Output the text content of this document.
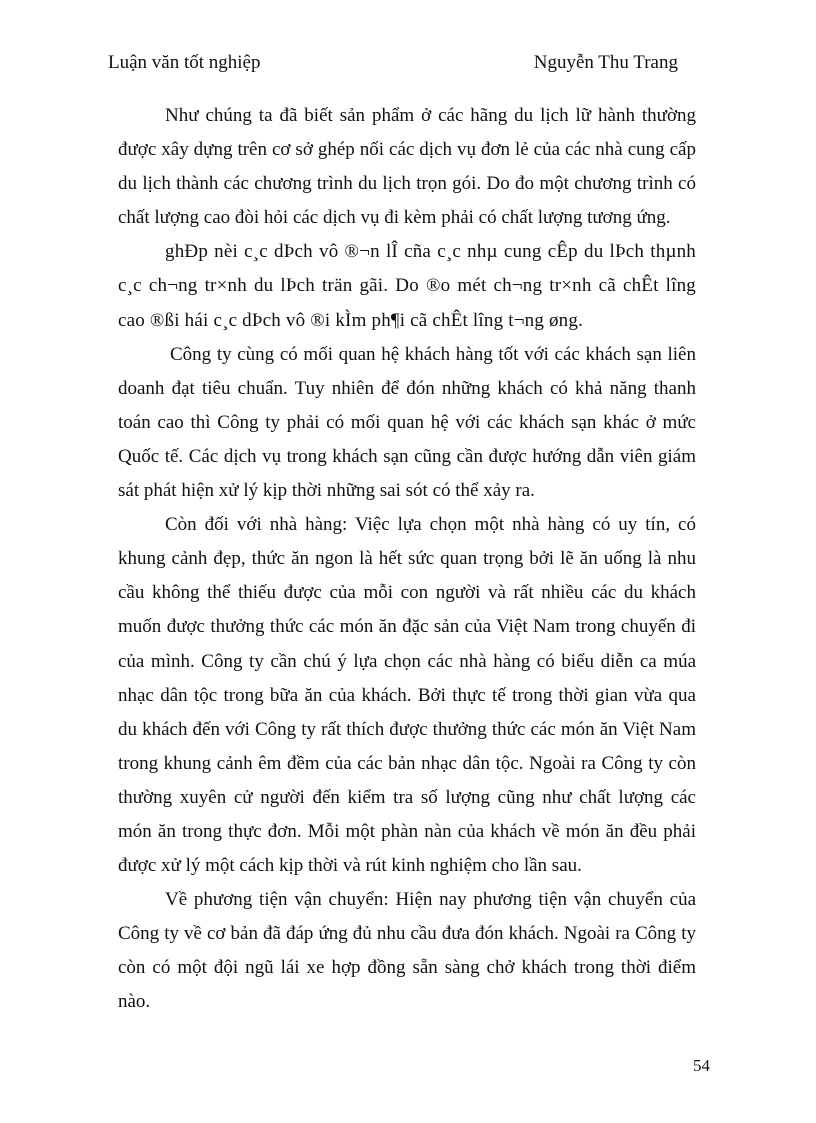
Luận văn tốt nghiệp	Nguyễn Thu Trang

Như chúng ta đã biết sản phẩm ở các hãng du lịch lữ hành thường được xây dựng trên cơ sở ghép nối các dịch vụ đơn lẻ của các nhà cung cấp du lịch thành các chương trình du lịch trọn gói. Do đo một chương trình có chất lượng cao đòi hỏi các dịch vụ đi kèm phải có chất lượng tương ứng.

ghÐp nèi c¸c dÞch vô ®¬n lÎ cña c¸c nhµ cung cÊp du lÞch thµnh c¸c ch¬ng tr×nh du lÞch trän gãi. Do ®o mét ch¬ng tr×nh cã chÊt lîng cao ®ßi hái c¸c dÞch vô ®i kÌm ph¶i cã chÊt lîng t¬ng øng.

Công ty cùng có mối quan hệ khách hàng tốt với các khách sạn liên doanh đạt tiêu chuẩn. Tuy nhiên để đón những khách có khả năng thanh toán cao thì Công ty phải có mối quan hệ với các khách sạn khác ở mức Quốc tế. Các dịch vụ trong khách sạn cũng cần được hướng dẫn viên giám sát phát hiện xử lý kịp thời những sai sót có thể xảy ra.

Còn đối với nhà hàng: Việc lựa chọn một nhà hàng có uy tín, có khung cảnh đẹp, thức ăn ngon là hết sức quan trọng bởi lẽ ăn uống là nhu cầu không thể thiếu được của mỗi con người và rất nhiều các du khách muốn được thưởng thức các món ăn đặc sản của Việt Nam trong chuyến đi của mình. Công ty cần chú ý lựa chọn các nhà hàng có biểu diễn ca múa nhạc dân tộc trong bữa ăn của khách. Bởi thực tế trong thời gian vừa qua du khách đến với Công ty rất thích được thưởng thức các món ăn Việt Nam trong khung cảnh êm đềm của các bản nhạc dân tộc. Ngoài ra Công ty còn thường xuyên cử người đến kiểm tra số lượng cũng như chất lượng các món ăn trong thực đơn. Mỗi một phàn nàn của khách về món ăn đều phải được xử lý một cách kịp thời và rút kinh nghiệm cho lần sau.

Về phương tiện vận chuyển: Hiện nay phương tiện vận chuyển của Công ty về cơ bản đã đáp ứng đủ nhu cầu đưa đón khách. Ngoài ra Công ty còn có một đội ngũ lái xe hợp đồng sẵn sàng chở khách trong thời điểm nào.

54
